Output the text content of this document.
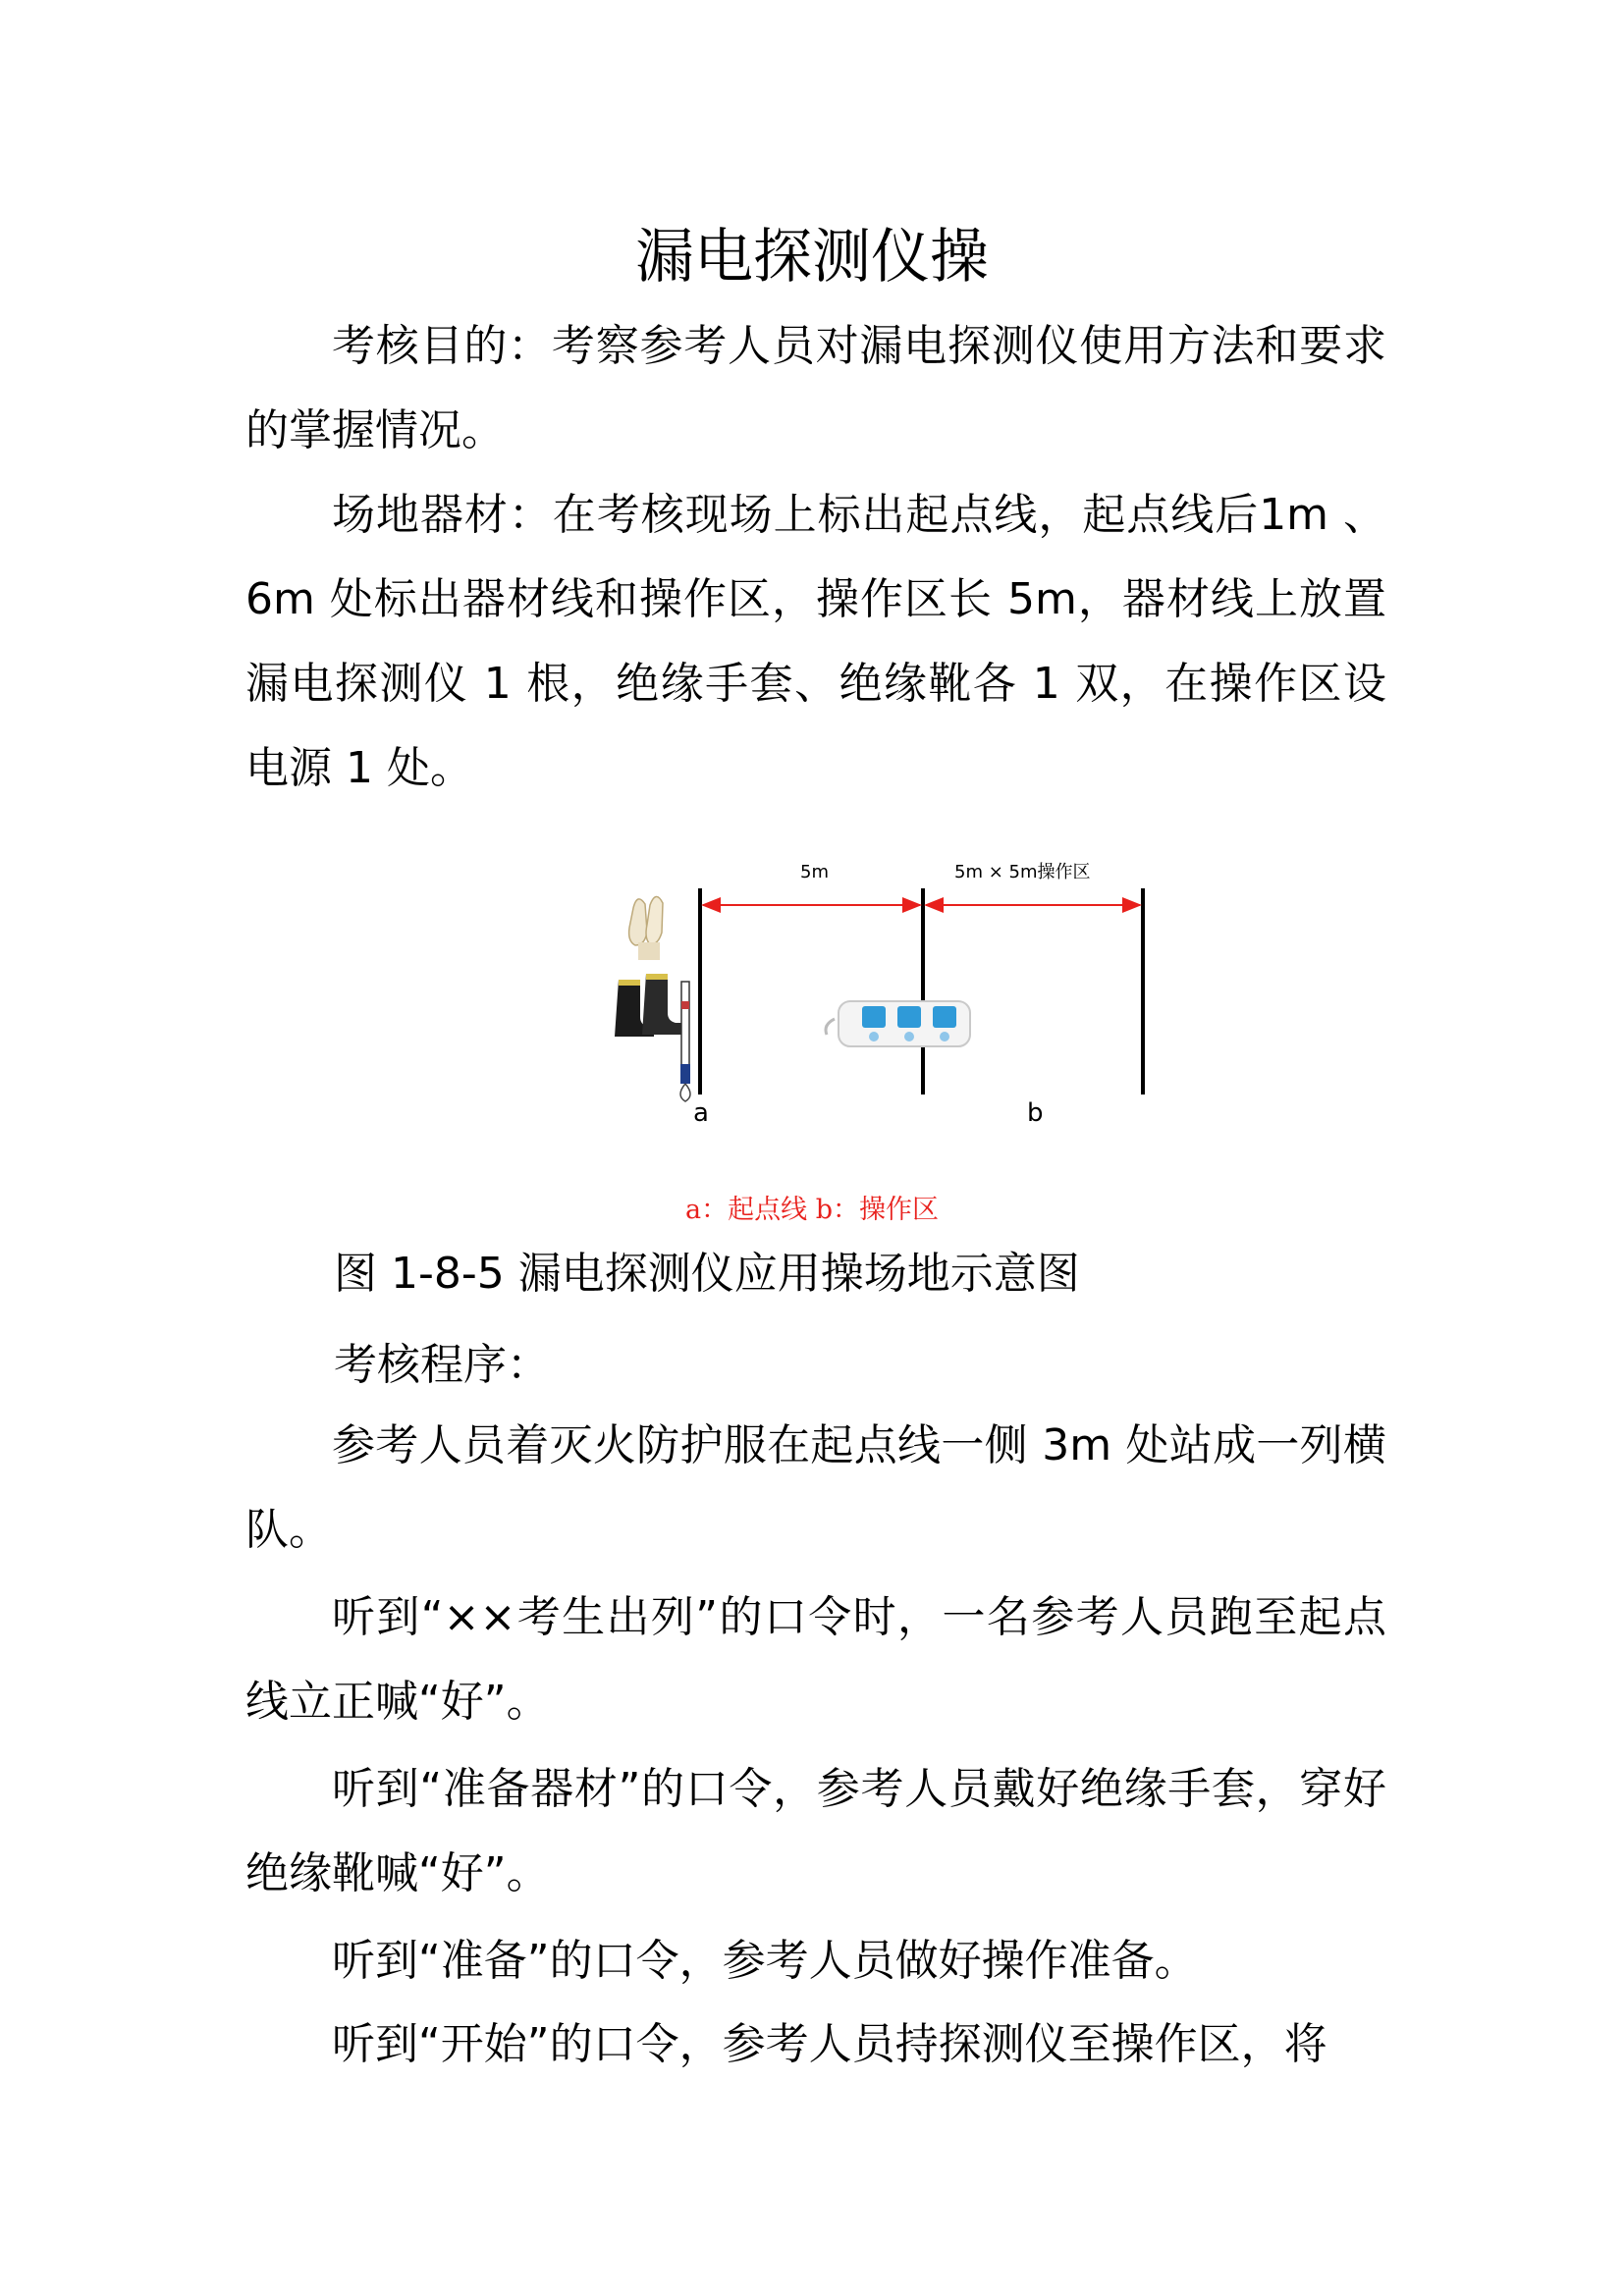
漏电探测仪操

考核目的：考察参考人员对漏电探测仪使用方法和要求的掌握情况。

场地器材：在考核现场上标出起点线，起点线后1m 、6m 处标出器材线和操作区，操作区长 5m，器材线上放置漏电探测仪 1 根，绝缘手套、绝缘靴各 1 双，在操作区设电源 1 处。

5m	5m × 5m操作区
a	b

a：起点线 b：操作区

图 1-8-5 漏电探测仪应用操场地示意图

考核程序：

参考人员着灭火防护服在起点线一侧 3m 处站成一列横队。

听到“××考生出列”的口令时，一名参考人员跑至起点线立正喊“好”。

听到“准备器材”的口令，参考人员戴好绝缘手套，穿好绝缘靴喊“好”。

听到“准备”的口令，参考人员做好操作准备。

听到“开始”的口令，参考人员持探测仪至操作区，将
